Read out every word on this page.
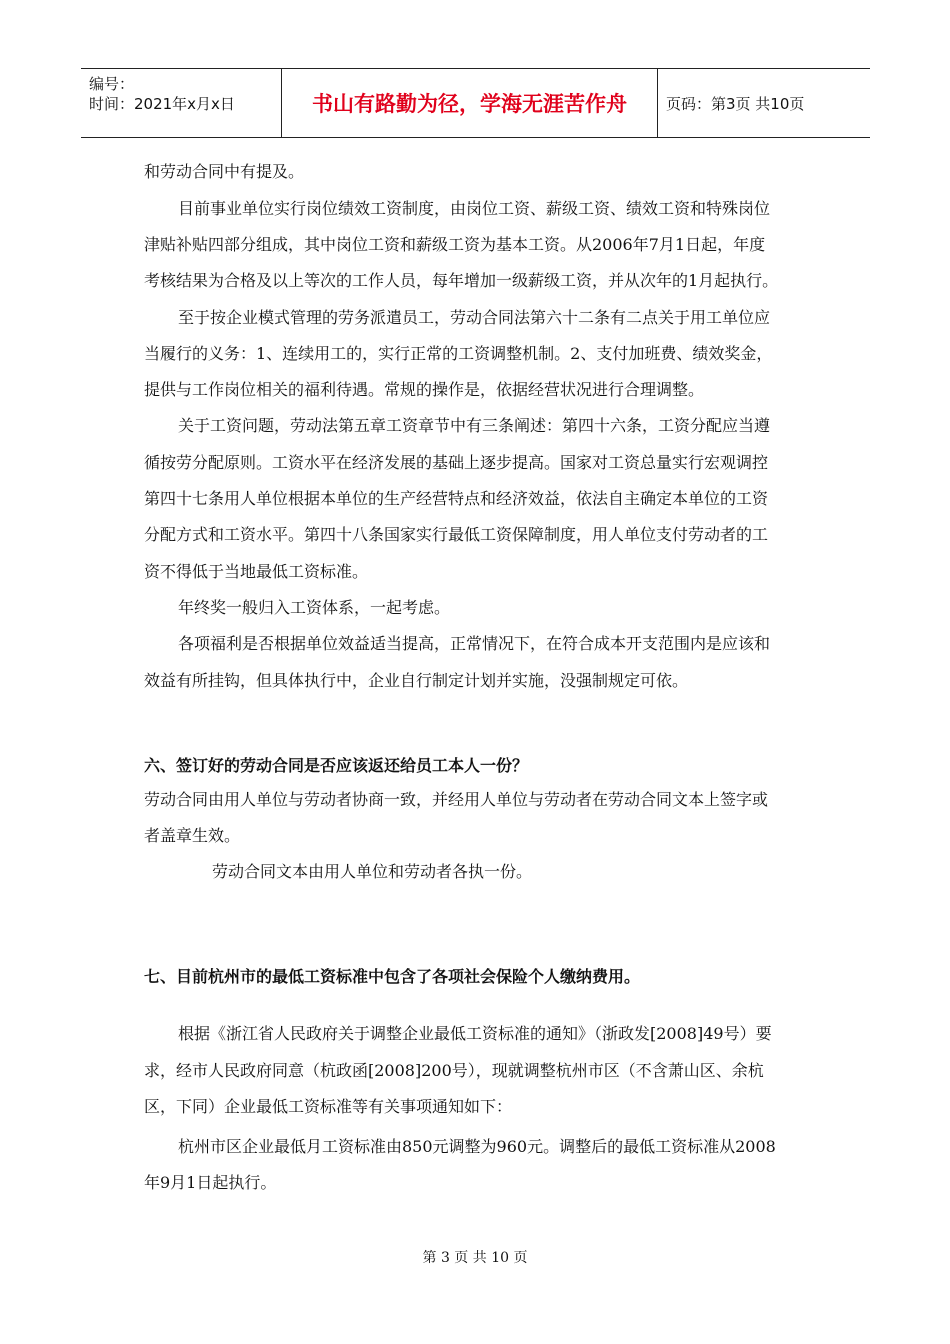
编号：
时间：2021年x月x日	书山有路勤为径，学海无涯苦作舟	页码：第3页 共10页
和劳动合同中有提及。
目前事业单位实行岗位绩效工资制度，由岗位工资、薪级工资、绩效工资和特殊岗位
津贴补贴四部分组成，其中岗位工资和薪级工资为基本工资。从2006年7月1日起，年度
考核结果为合格及以上等次的工作人员，每年增加一级薪级工资，并从次年的1月起执行。
至于按企业模式管理的劳务派遣员工，劳动合同法第六十二条有二点关于用工单位应
当履行的义务：1、连续用工的，实行正常的工资调整机制。2、支付加班费、绩效奖金，
提供与工作岗位相关的福利待遇。常规的操作是，依据经营状况进行合理调整。
关于工资问题，劳动法第五章工资章节中有三条阐述：第四十六条，工资分配应当遵
循按劳分配原则。工资水平在经济发展的基础上逐步提高。国家对工资总量实行宏观调控
第四十七条用人单位根据本单位的生产经营特点和经济效益，依法自主确定本单位的工资
分配方式和工资水平。第四十八条国家实行最低工资保障制度，用人单位支付劳动者的工
资不得低于当地最低工资标准。
年终奖一般归入工资体系，一起考虑。
各项福利是否根据单位效益适当提高，正常情况下，在符合成本开支范围内是应该和
效益有所挂钩，但具体执行中，企业自行制定计划并实施，没强制规定可依。
六、签订好的劳动合同是否应该返还给员工本人一份？
劳动合同由用人单位与劳动者协商一致，并经用人单位与劳动者在劳动合同文本上签字或
者盖章生效。
劳动合同文本由用人单位和劳动者各执一份。
七、目前杭州市的最低工资标准中包含了各项社会保险个人缴纳费用。
根据《浙江省人民政府关于调整企业最低工资标准的通知》（浙政发[2008]49号）要
求，经市人民政府同意（杭政函[2008]200号），现就调整杭州市区（不含萧山区、余杭
区，下同）企业最低工资标准等有关事项通知如下：
杭州市区企业最低月工资标准由850元调整为960元。调整后的最低工资标准从2008
年9月1日起执行。
第 3 页 共 10 页
